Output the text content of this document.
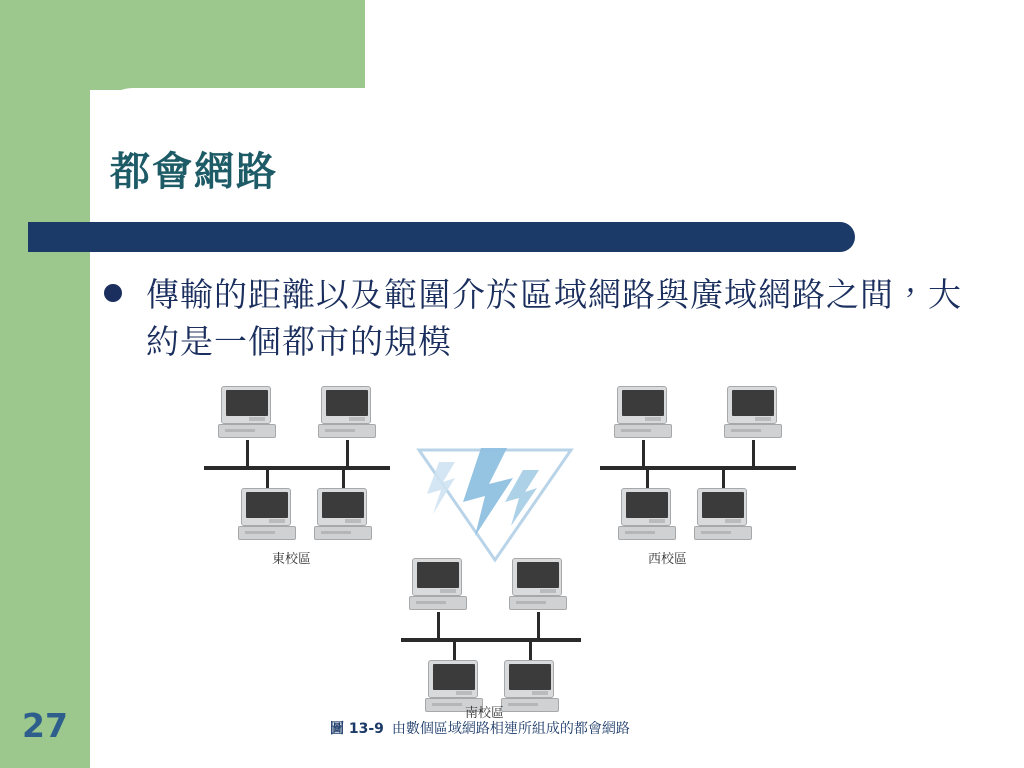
都會網路
傳輸的距離以及範圍介於區域網路與廣域網路之間，大約是一個都市的規模
東校區	西校區
南校區
圖 13-9 由數個區域網路相連所組成的都會網路
27
